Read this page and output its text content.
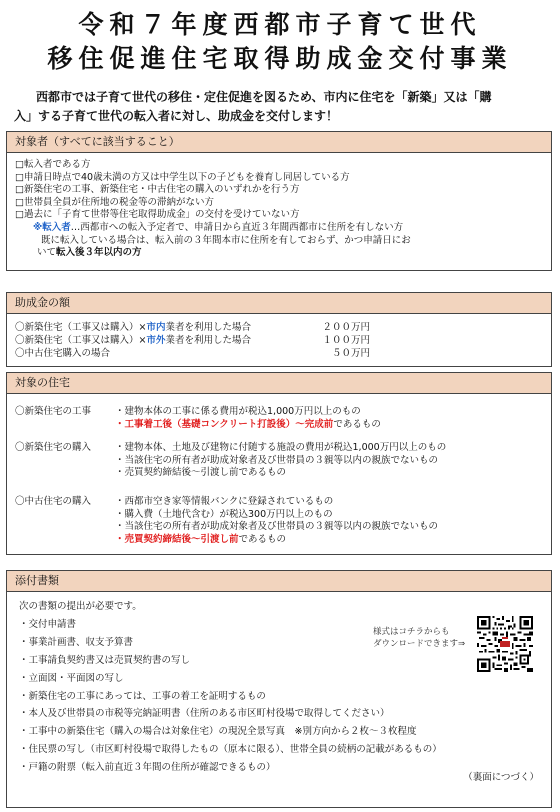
令和７年度西都市子育て世代
移住促進住宅取得助成金交付事業
西都市では子育て世代の移住・定住促進を図るため、市内に住宅を「新築」又は「購
入」する子育て世代の転入者に対し、助成金を交付します！
対象者（すべてに該当すること）
□転入者である方
□申請日時点で40歳未満の方又は中学生以下の子どもを養育し同居している方
□新築住宅の工事、新築住宅・中古住宅の購入のいずれかを行う方
□世帯員全員が住所地の税金等の滞納がない方
□過去に「子育て世帯等住宅取得助成金」の交付を受けていない方
※転入者…西都市への転入予定者で、申請日から直近３年間西都市に住所を有しない方
既に転入している場合は、転入前の３年間本市に住所を有しておらず、かつ申請日にお
いて転入後３年以内の方
助成金の額
〇新築住宅（工事又は購入）×市内業者を利用した場合	２００万円
〇新築住宅（工事又は購入）×市外業者を利用した場合	１００万円
〇中古住宅購入の場合	５０万円
対象の住宅
〇新築住宅の工事	・建物本体の工事に係る費用が税込1,000万円以上のもの
・工事着工後（基礎コンクリート打設後）～完成前であるもの
〇新築住宅の購入	・建物本体、土地及び建物に付随する施設の費用が税込1,000万円以上のもの
・当該住宅の所有者が助成対象者及び世帯員の３親等以内の親族でないもの
・売買契約締結後～引渡し前であるもの
〇中古住宅の購入	・西都市空き家等情報バンクに登録されているもの
・購入費（土地代含む）が税込300万円以上のもの
・当該住宅の所有者が助成対象者及び世帯員の３親等以内の親族でないもの
・売買契約締結後～引渡し前であるもの
添付書類
次の書類の提出が必要です。
・交付申請書
・事業計画書、収支予算書
・工事請負契約書又は売買契約書の写し
・立面図・平面図の写し
・新築住宅の工事にあっては、工事の着工を証明するもの
・本人及び世帯員の市税等完納証明書（住所のある市区町村役場で取得してください）
・工事中の新築住宅（購入の場合は対象住宅）の現況全景写真　※別方向から２枚～３枚程度
・住民票の写し（市区町村役場で取得したもの（原本に限る）、世帯全員の続柄の記載があるもの）
・戸籍の附票（転入前直近３年間の住所が確認できるもの）
様式はコチラからも
ダウンロードできます⇒
（裏面につづく）
